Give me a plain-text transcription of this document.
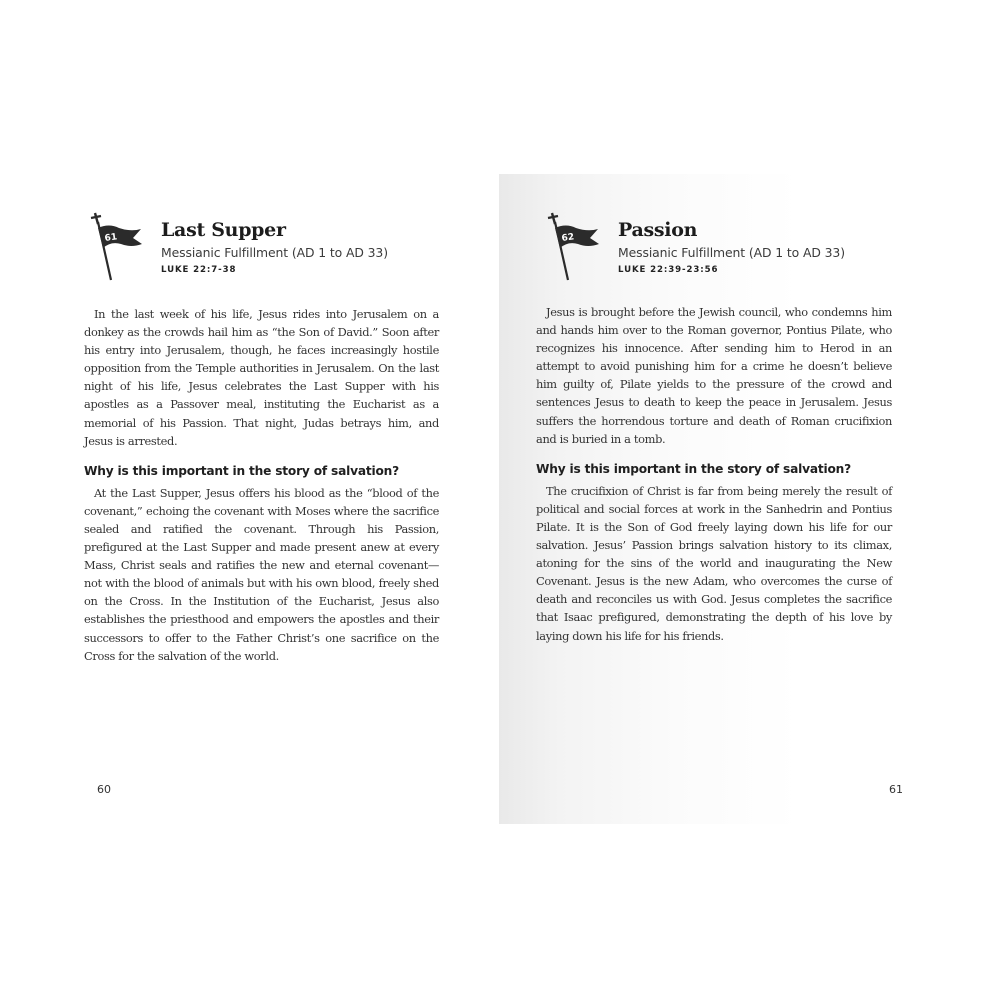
61 Last Supper
Messianic Fulfillment (AD 1 to AD 33)
LUKE 22:7-38

In the last week of his life, Jesus rides into Jerusalem on a donkey as the crowds hail him as “the Son of David.” Soon after his entry into Jerusalem, though, he faces increasingly hostile opposition from the Temple authorities in Jerusalem. On the last night of his life, Jesus celebrates the Last Supper with his apostles as a Passover meal, instituting the Eucharist as a memorial of his Passion. That night, Judas betrays him, and Jesus is arrested.

Why is this important in the story of salvation?

At the Last Supper, Jesus offers his blood as the “blood of the covenant,” echoing the covenant with Moses where the sacrifice sealed and ratified the covenant. Through his Passion, prefigured at the Last Supper and made present anew at every Mass, Christ seals and ratifies the new and eternal covenant—not with the blood of animals but with his own blood, freely shed on the Cross. In the Institution of the Eucharist, Jesus also establishes the priesthood and empowers the apostles and their successors to offer to the Father Christ’s one sacrifice on the Cross for the salvation of the world.

60
62 Passion
Messianic Fulfillment (AD 1 to AD 33)
LUKE 22:39-23:56

Jesus is brought before the Jewish council, who condemns him and hands him over to the Roman governor, Pontius Pilate, who recognizes his innocence. After sending him to Herod in an attempt to avoid punishing him for a crime he doesn’t believe him guilty of, Pilate yields to the pressure of the crowd and sentences Jesus to death to keep the peace in Jerusalem. Jesus suffers the horrendous torture and death of Roman crucifixion and is buried in a tomb.

Why is this important in the story of salvation?

The crucifixion of Christ is far from being merely the result of political and social forces at work in the Sanhedrin and Pontius Pilate. It is the Son of God freely laying down his life for our salvation. Jesus’ Passion brings salvation history to its climax, atoning for the sins of the world and inaugurating the New Covenant. Jesus is the new Adam, who overcomes the curse of death and reconciles us with God. Jesus completes the sacrifice that Isaac prefigured, demonstrating the depth of his love by laying down his life for his friends.

61
